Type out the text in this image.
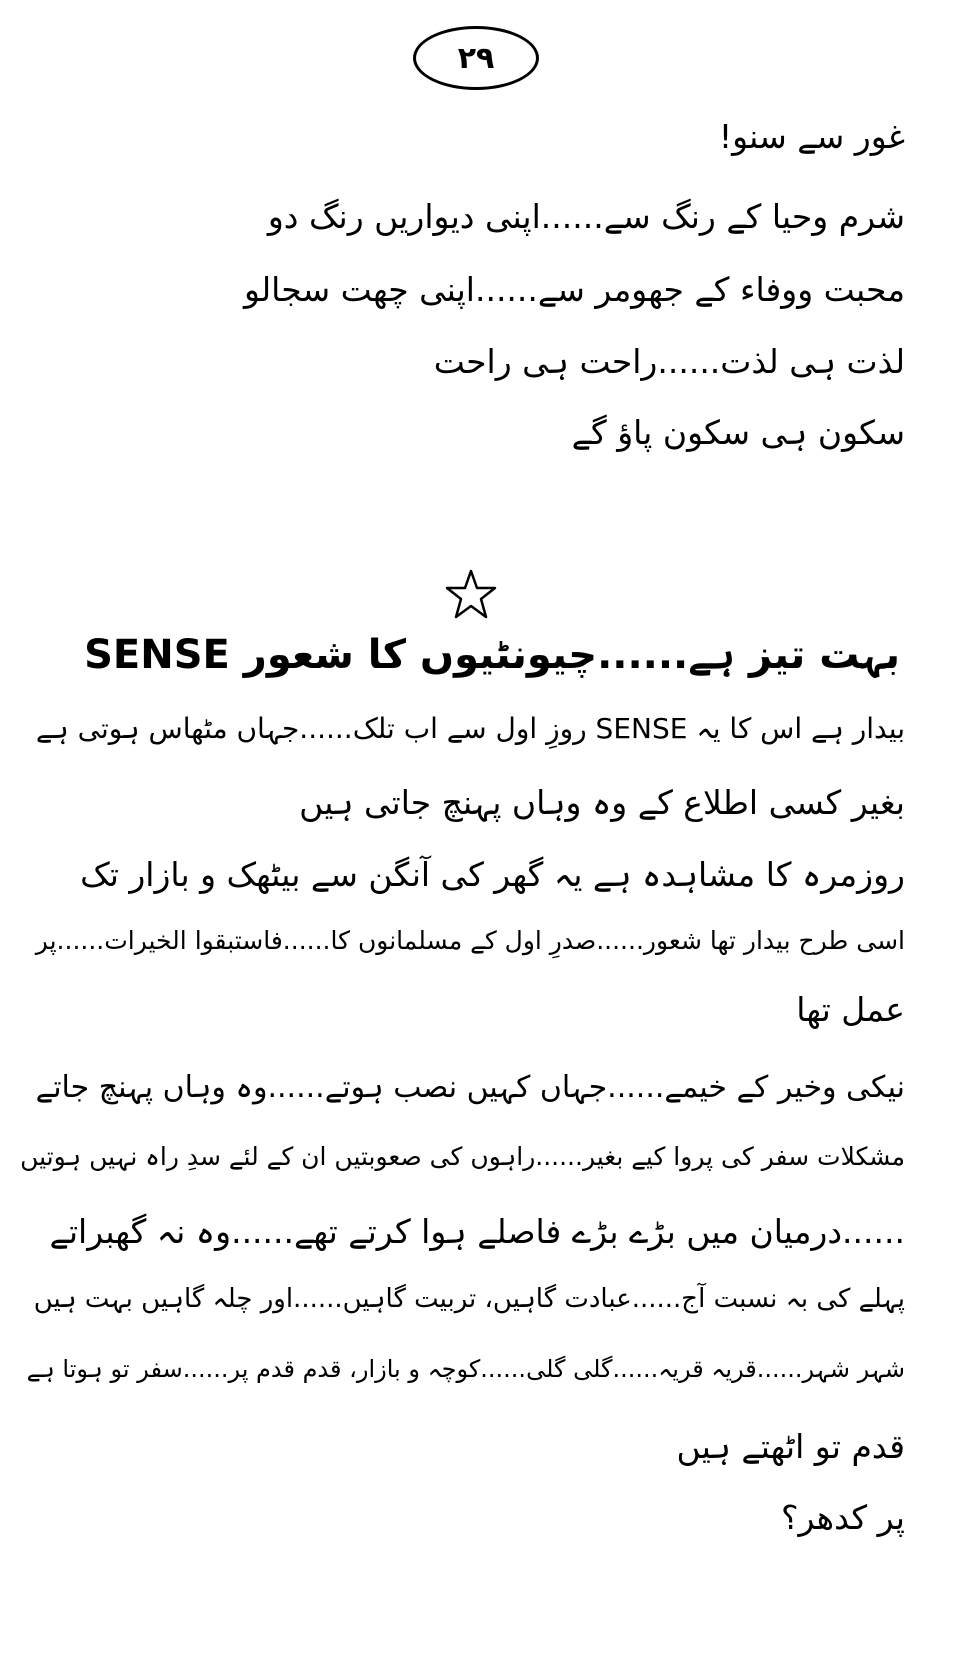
۲۹
غور سے سنو!
شرم وحیا کے رنگ سے......اپنی دیواریں رنگ دو
محبت ووفاء کے جھومر سے......اپنی چھت سجالو
لذت ہی لذت......راحت ہی راحت
سکون ہی سکون پاؤ گے
بہت تیز ہے......چیونٹیوں کا شعور SENSE
بیدار ہے اس کا یہ SENSE روزِ اول سے اب تلک......جہاں مٹھاس ہوتی ہے
بغیر کسی اطلاع کے وہ وہاں پہنچ جاتی ہیں
روزمرہ کا مشاہدہ ہے یہ گھر کی آنگن سے بیٹھک و بازار تک
اسی طرح بیدار تھا شعور......صدرِ اول کے مسلمانوں کا......فاستبقوا الخیرات......پر
عمل تھا
نیکی وخیر کے خیمے......جہاں کہیں نصب ہوتے......وہ وہاں پہنچ جاتے
مشکلات سفر کی پروا کیے بغیر......راہوں کی صعوبتیں ان کے لئے سدِ راہ نہیں ہوتیں
......درمیان میں بڑے بڑے فاصلے ہوا کرتے تھے......وہ نہ گھبراتے
پہلے کی بہ نسبت آج......عبادت گاہیں، تربیت گاہیں......اور چلہ گاہیں بہت ہیں
شہر شہر......قریہ قریہ......گلی گلی......کوچہ و بازار، قدم قدم پر......سفر تو ہوتا ہے
قدم تو اٹھتے ہیں
پر کدھر؟
